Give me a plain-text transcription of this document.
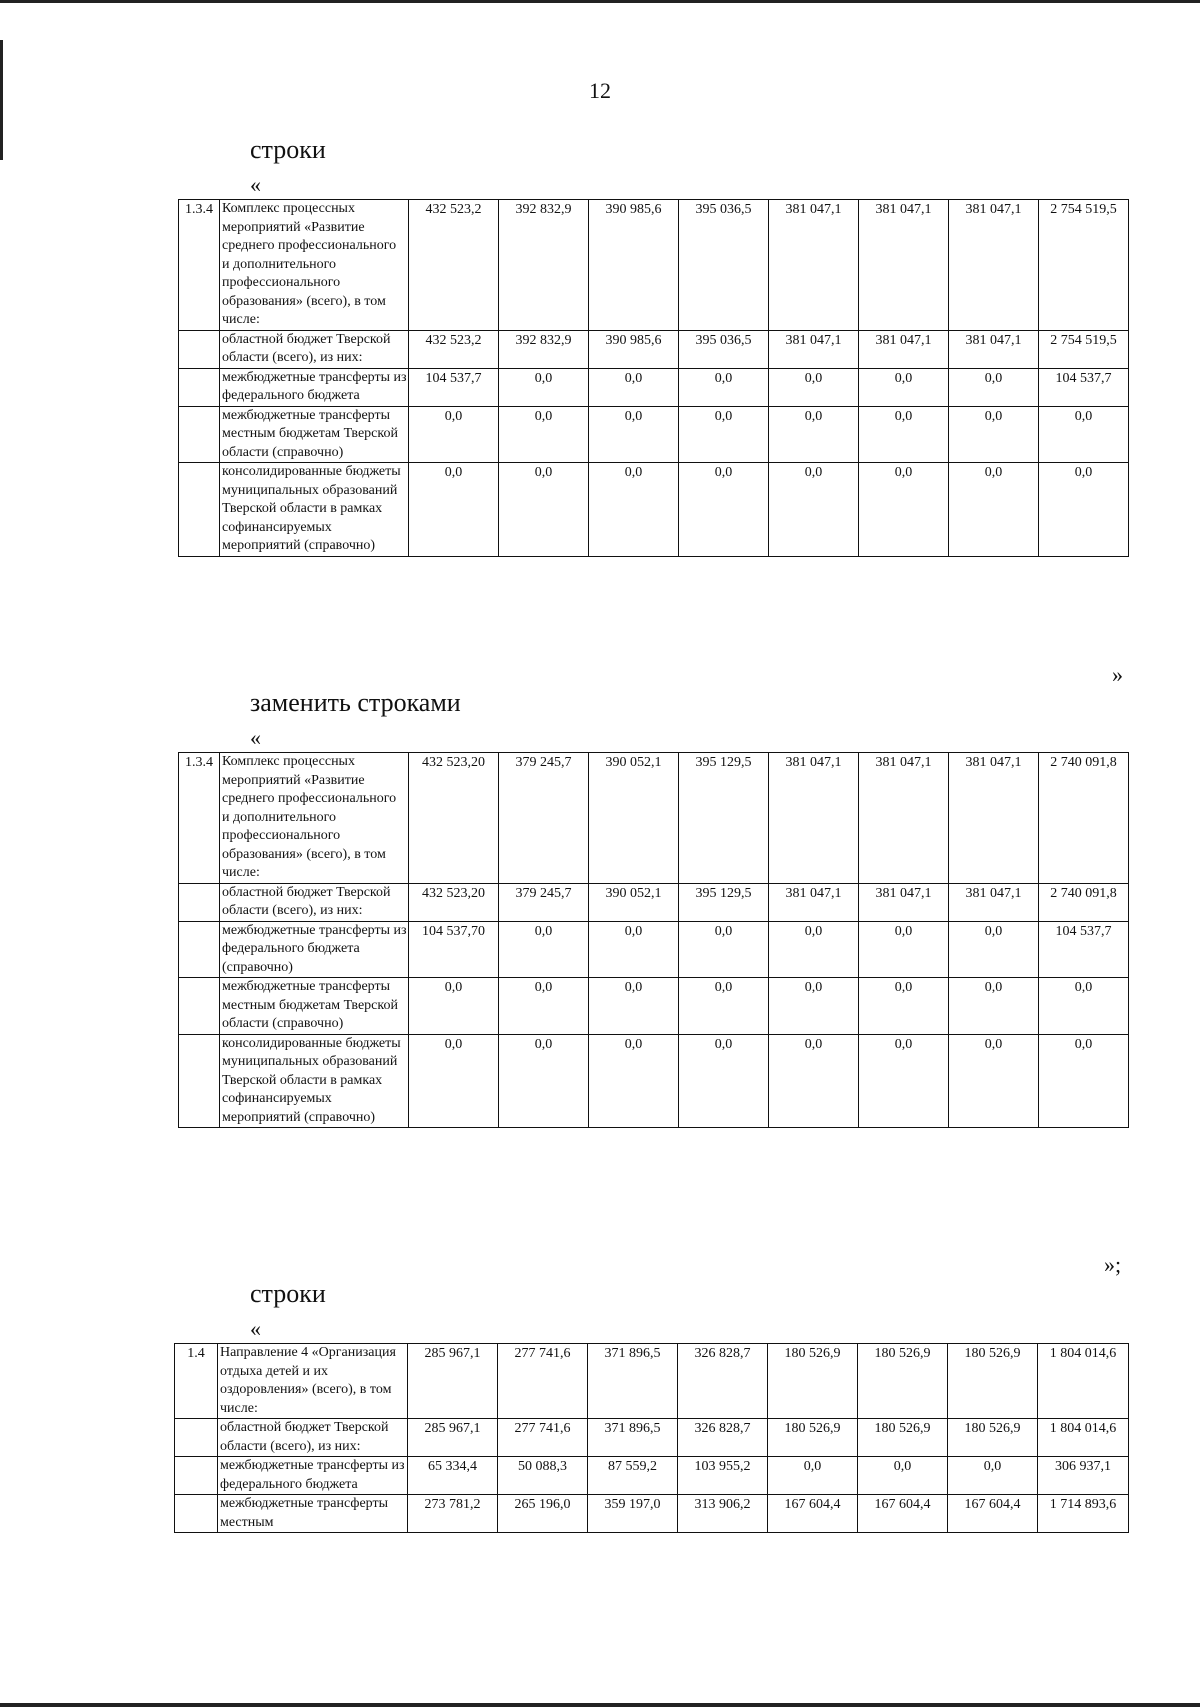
12
строки
«
1.3.4	Комплекс процессных мероприятий «Развитие среднего профессионального и дополнительного профессионального образования» (всего), в том числе:	432 523,2	392 832,9	390 985,6	395 036,5	381 047,1	381 047,1	381 047,1	2 754 519,5
	областной бюджет Тверской области (всего), из них:	432 523,2	392 832,9	390 985,6	395 036,5	381 047,1	381 047,1	381 047,1	2 754 519,5
	межбюджетные трансферты из федерального бюджета	104 537,7	0,0	0,0	0,0	0,0	0,0	0,0	104 537,7
	межбюджетные трансферты местным бюджетам Тверской области (справочно)	0,0	0,0	0,0	0,0	0,0	0,0	0,0	0,0
	консолидированные бюджеты муниципальных образований Тверской области в рамках софинансируемых мероприятий (справочно)	0,0	0,0	0,0	0,0	0,0	0,0	0,0	0,0
»
заменить строками
«
1.3.4	Комплекс процессных мероприятий «Развитие среднего профессионального и дополнительного профессионального образования» (всего), в том числе:	432 523,20	379 245,7	390 052,1	395 129,5	381 047,1	381 047,1	381 047,1	2 740 091,8
	областной бюджет Тверской области (всего), из них:	432 523,20	379 245,7	390 052,1	395 129,5	381 047,1	381 047,1	381 047,1	2 740 091,8
	межбюджетные трансферты из федерального бюджета (справочно)	104 537,70	0,0	0,0	0,0	0,0	0,0	0,0	104 537,7
	межбюджетные трансферты местным бюджетам Тверской области (справочно)	0,0	0,0	0,0	0,0	0,0	0,0	0,0	0,0
	консолидированные бюджеты муниципальных образований Тверской области в рамках софинансируемых мероприятий (справочно)	0,0	0,0	0,0	0,0	0,0	0,0	0,0	0,0
»;
строки
«
1.4	Направление 4 «Организация отдыха детей и их оздоровления» (всего), в том числе:	285 967,1	277 741,6	371 896,5	326 828,7	180 526,9	180 526,9	180 526,9	1 804 014,6
	областной бюджет Тверской области (всего), из них:	285 967,1	277 741,6	371 896,5	326 828,7	180 526,9	180 526,9	180 526,9	1 804 014,6
	межбюджетные трансферты из федерального бюджета	65 334,4	50 088,3	87 559,2	103 955,2	0,0	0,0	0,0	306 937,1
	межбюджетные трансферты местным	273 781,2	265 196,0	359 197,0	313 906,2	167 604,4	167 604,4	167 604,4	1 714 893,6
